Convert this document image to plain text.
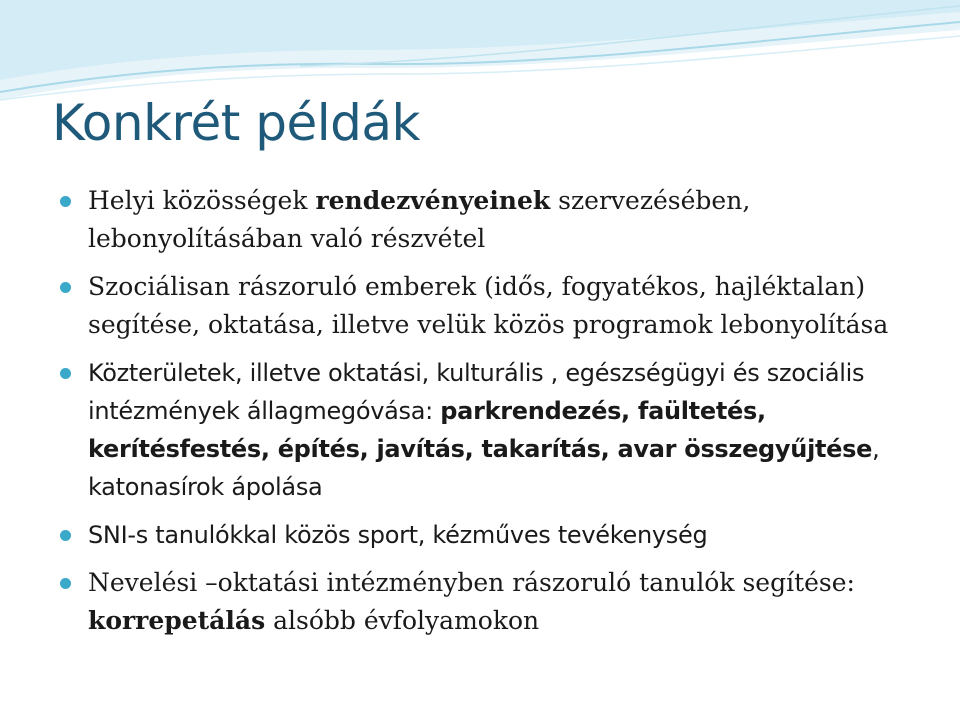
Konkrét példák
Helyi közösségek rendezvényeinek szervezésében, lebonyolításában való részvétel
Szociálisan rászoruló emberek (idős, fogyatékos, hajléktalan) segítése, oktatása, illetve velük közös programok lebonyolítása
Közterületek, illetve oktatási, kulturális , egészségügyi és szociális intézmények állagmegóvása: parkrendezés, faültetés, kerítésfestés, építés, javítás, takarítás, avar összegyűjtése, katonasírok ápolása
SNI-s tanulókkal közös sport, kézműves tevékenység
Nevelési –oktatási intézményben rászoruló tanulók segítése: korrepetálás alsóbb évfolyamokon
